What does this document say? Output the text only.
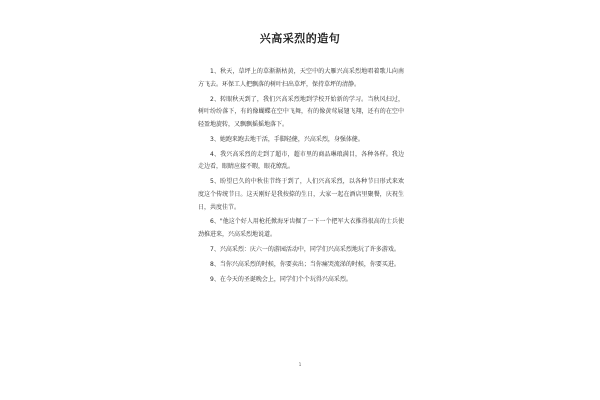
兴高采烈的造句

1、秋天，草坪上的草渐渐枯黄，天空中的大雁兴高采烈地唱着歌儿向南方飞去。环保工人把飘落的树叶扫出草坪，保持草坪的清静。

2、转眼秋天到了，我们兴高采烈地到学校开始新的学习。当秋风扫过，树叶纷纷落下，有的像蝴蝶在空中飞舞，有的像黄莺展翅飞翔，还有的在空中轻盈地旋转，又飘飘摇摇地落下。

3、她跑来跑去地干活，手脚轻健，兴高采烈，身强体健。

4、我兴高采烈的走到了超市，超市里的商品琳琅满目，各种各样。我边走边看，眼睛应接不暇，眼花缭乱。

5、盼望已久的中秋佳节终于到了，人们兴高采烈，以各种节日形式来欢度这个传统节日。这天刚好是我按捺的生日，大家一起在酒店里聚餐，庆祝生日，共度佳节。

6、"他这个好人用枪托掀海牙齿掘了一下一个把军大衣推得很高的士兵使劲推进来，兴高采烈地说道。

7、兴高采烈：庆六一的游园活动中，同学们兴高采烈地玩了许多游戏。

8、当你兴高采烈的时候，你要卖出；当你痛哭流涕的时候，你要买进。

9、在今天的圣诞晚会上，同学们个个玩得兴高采烈。

1
